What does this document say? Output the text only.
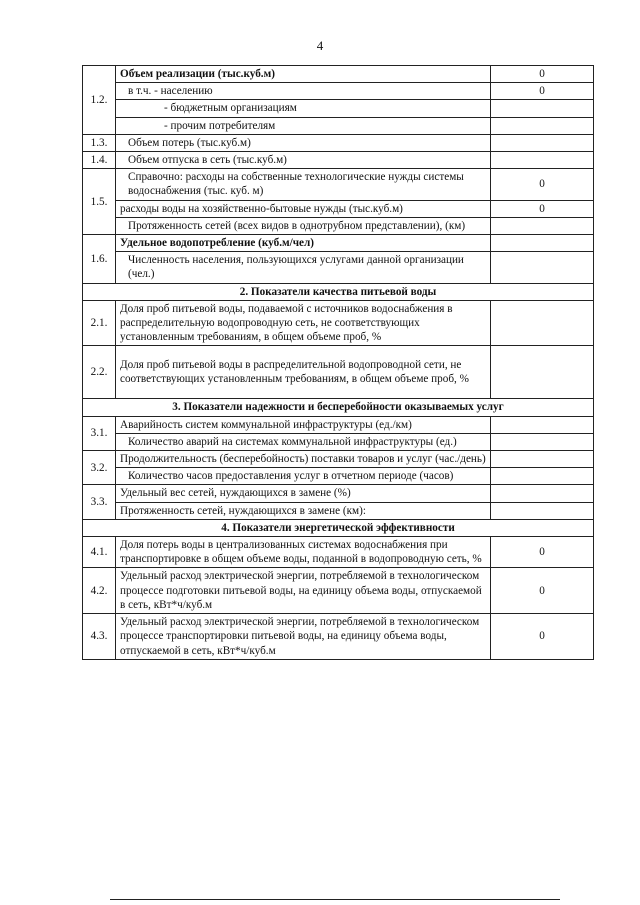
4
1.2.	Объем реализации (тыс.куб.м)	0
	в т.ч. - населению	0
	- бюджетным организациям	
	- прочим потребителям	
1.3.	Объем потерь (тыс.куб.м)	
1.4.	Объем отпуска в сеть (тыс.куб.м)	
1.5.	Справочно: расходы на собственные технологические нужды системы водоснабжения (тыс. куб. м)	0
	расходы воды на хозяйственно-бытовые нужды (тыс.куб.м)	0
	Протяженность сетей (всех видов в однотрубном представлении), (км)	
1.6.	Удельное водопотребление (куб.м/чел)	
	Численность населения, пользующихся услугами данной организации (чел.)	
2. Показатели качества питьевой воды		
2.1.	Доля проб питьевой воды, подаваемой с источников водоснабжения в распределительную водопроводную сеть, не соответствующих установленным требованиям, в общем объеме проб, %	
2.2.	Доля проб питьевой воды в распределительной водопроводной сети, не соответствующих установленным требованиям, в общем объеме проб, %	
3. Показатели надежности и бесперебойности оказываемых услуг		
3.1.	Аварийность систем коммунальной инфраструктуры (ед./км)	
	Количество аварий на системах коммунальной инфраструктуры (ед.)	
3.2.	Продолжительность (бесперебойность) поставки товаров и услуг (час./день)	
	Количество часов предоставления услуг в отчетном периоде (часов)	
3.3.	Удельный вес сетей, нуждающихся в замене (%)	
	Протяженность сетей, нуждающихся в замене (км):	
4. Показатели энергетической эффективности		
4.1.	Доля потерь воды в централизованных системах водоснабжения при транспортировке в общем объеме воды, поданной в водопроводную сеть, %	0
4.2.	Удельный расход электрической энергии, потребляемой в технологическом процессе подготовки питьевой воды, на единицу объема воды, отпускаемой в сеть, кВт*ч/куб.м	0
4.3.	Удельный расход электрической энергии, потребляемой в технологическом процессе транспортировки питьевой воды, на единицу объема воды, отпускаемой в сеть, кВт*ч/куб.м	0
